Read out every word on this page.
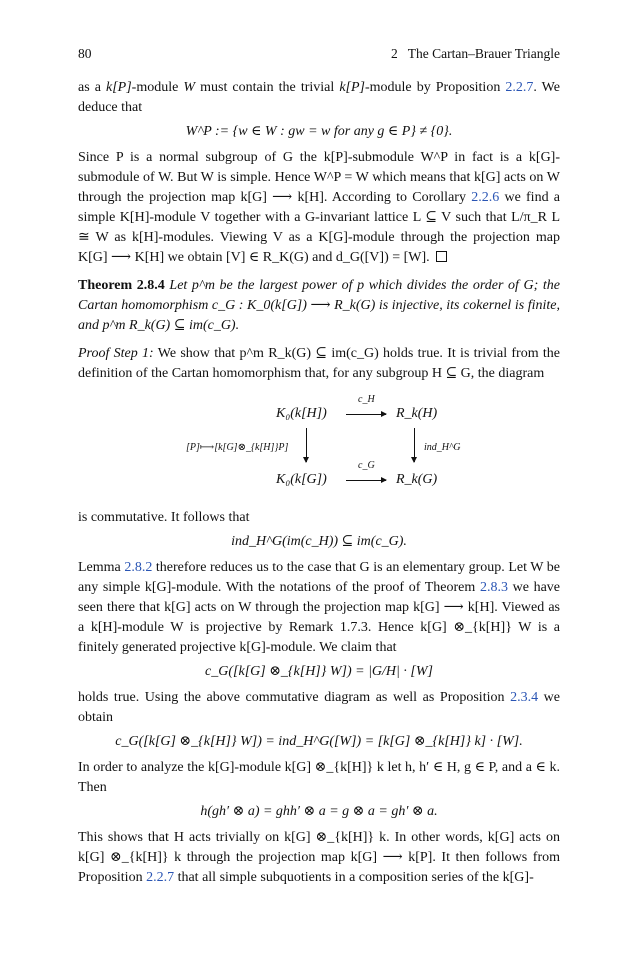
80	2 The Cartan–Brauer Triangle

as a k[P]-module W must contain the trivial k[P]-module by Proposition 2.2.7. We deduce that

W^P := {w ∈ W : gw = w for any g ∈ P} ≠ {0}.

Since P is a normal subgroup of G the k[P]-submodule W^P in fact is a k[G]-submodule of W. But W is simple. Hence W^P = W which means that k[G] acts on W through the projection map k[G] ⟶ k[H]. According to Corollary 2.2.6 we find a simple K[H]-module V together with a G-invariant lattice L ⊆ V such that L/π_R L ≅ W as k[H]-modules. Viewing V as a K[G]-module through the projection map K[G] ⟶ K[H] we obtain [V] ∈ R_K(G) and d_G([V]) = [W].

Theorem 2.8.4 Let p^m be the largest power of p which divides the order of G; the Cartan homomorphism c_G : K_0(k[G]) ⟶ R_k(G) is injective, its cokernel is finite, and p^m R_k(G) ⊆ im(c_G).

Proof Step 1: We show that p^m R_k(G) ⊆ im(c_G) holds true. It is trivial from the definition of the Cartan homomorphism that, for any subgroup H ⊆ G, the diagram

K₀(k[H])
c_H
R_k(H)
[P]⟼[k[G]⊗_{k[H]}P]	ind_H^G
K₀(k[G])
c_G
R_k(G)

is commutative. It follows that

ind_H^G(im(c_H)) ⊆ im(c_G).

Lemma 2.8.2 therefore reduces us to the case that G is an elementary group. Let W be any simple k[G]-module. With the notations of the proof of Theorem 2.8.3 we have seen there that k[G] acts on W through the projection map k[G] ⟶ k[H]. Viewed as a k[H]-module W is projective by Remark 1.7.3. Hence k[G] ⊗_{k[H]} W is a finitely generated projective k[G]-module. We claim that

c_G([k[G] ⊗_{k[H]} W]) = |G/H| · [W]

holds true. Using the above commutative diagram as well as Proposition 2.3.4 we obtain

c_G([k[G] ⊗_{k[H]} W]) = ind_H^G([W]) = [k[G] ⊗_{k[H]} k] · [W].

In order to analyze the k[G]-module k[G] ⊗_{k[H]} k let h, h′ ∈ H, g ∈ P, and a ∈ k. Then

h(gh′ ⊗ a) = ghh′ ⊗ a = g ⊗ a = gh′ ⊗ a.

This shows that H acts trivially on k[G] ⊗_{k[H]} k. In other words, k[G] acts on k[G] ⊗_{k[H]} k through the projection map k[G] ⟶ k[P]. It then follows from Proposition 2.2.7 that all simple subquotients in a composition series of the k[G]-
